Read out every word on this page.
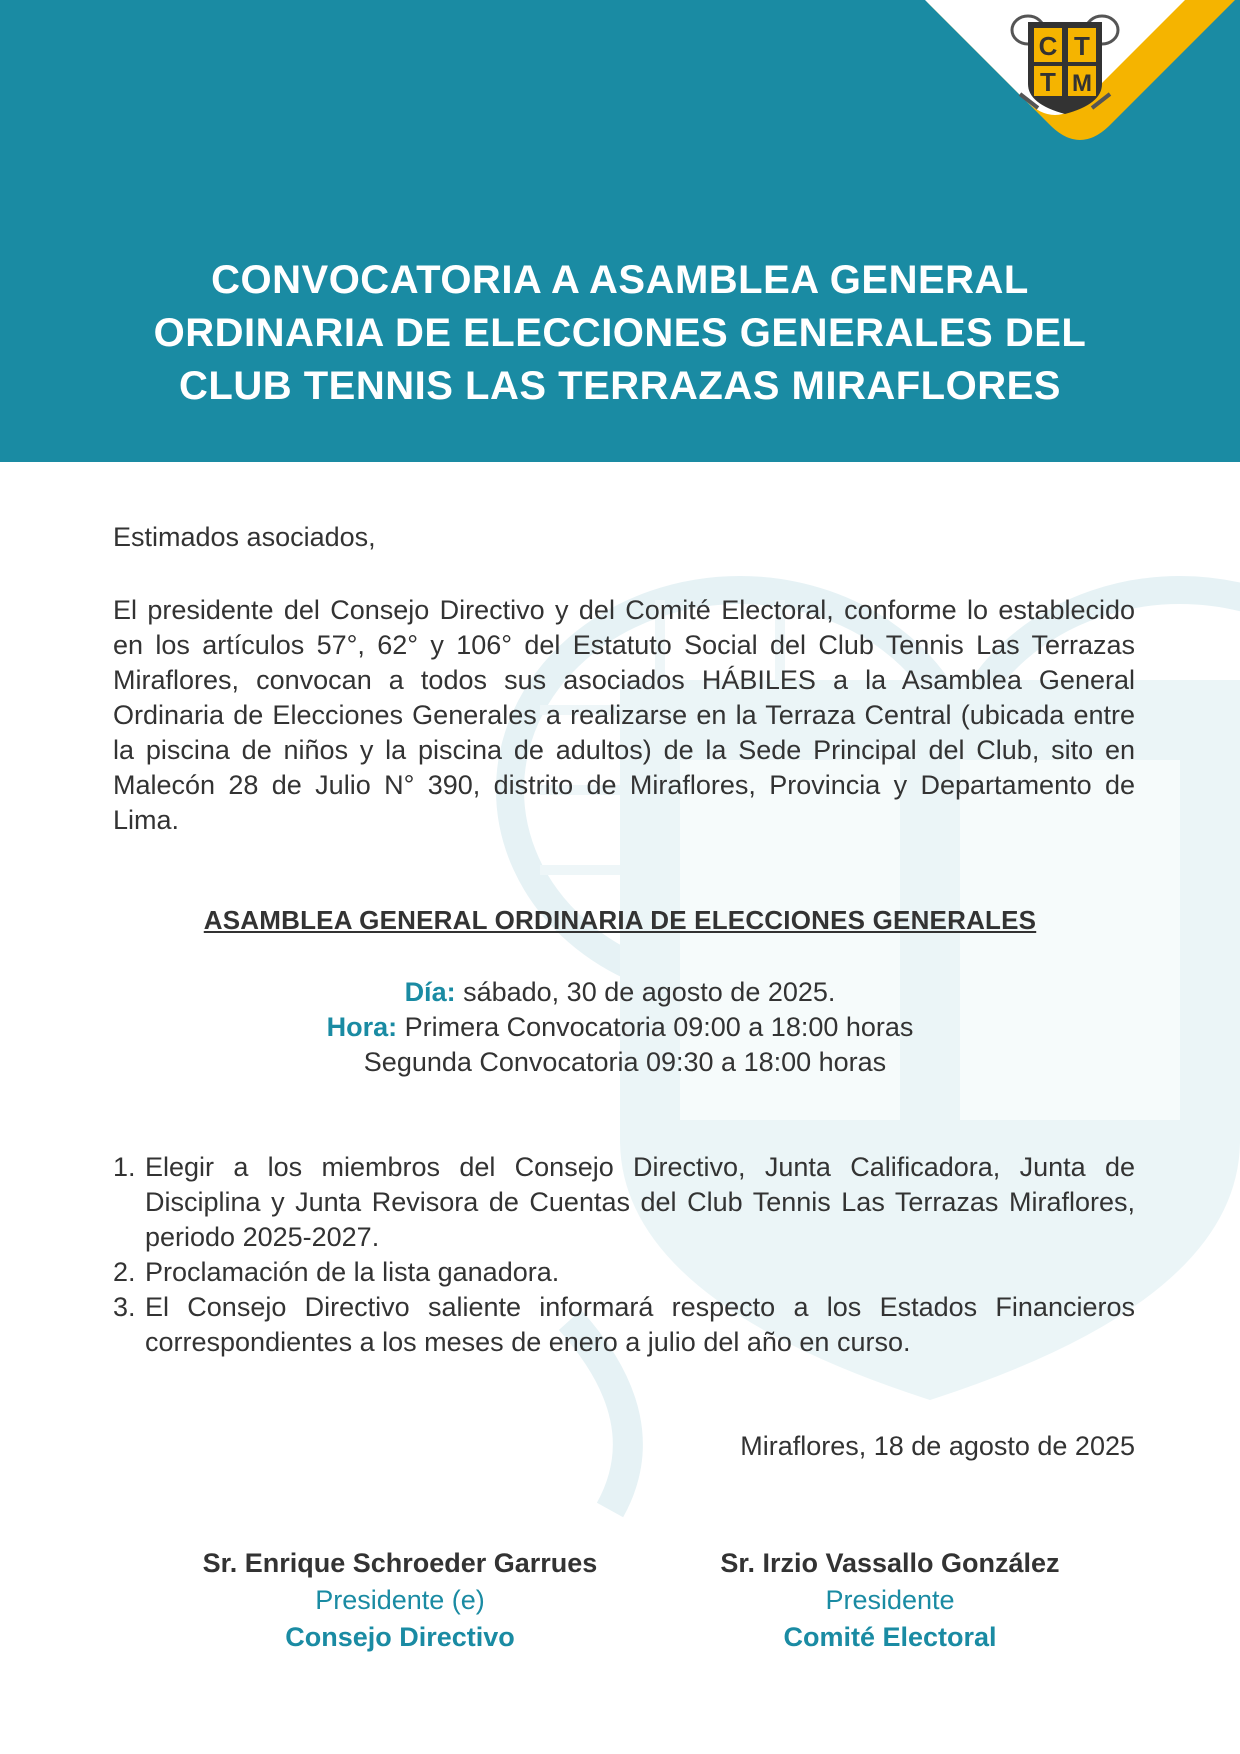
C T
T M
CONVOCATORIA A ASAMBLEA GENERAL
ORDINARIA DE ELECCIONES GENERALES DEL
CLUB TENNIS LAS TERRAZAS MIRAFLORES
Estimados asociados,
El presidente del Consejo Directivo y del Comité Electoral, conforme lo establecido en los artículos 57°, 62° y 106° del Estatuto Social del Club Tennis Las Terrazas Miraflores, convocan a todos sus asociados HÁBILES a la Asamblea General Ordinaria de Elecciones Generales a realizarse en la Terraza Central (ubicada entre la piscina de niños y la piscina de adultos) de la Sede Principal del Club, sito en Malecón 28 de Julio N° 390, distrito de Miraflores, Provincia y Departamento de Lima.
ASAMBLEA GENERAL ORDINARIA DE ELECCIONES GENERALES
Día: sábado, 30 de agosto de 2025.
Hora: Primera Convocatoria 09:00 a 18:00 horas
Segunda Convocatoria 09:30 a 18:00 horas
1. Elegir a los miembros del Consejo Directivo, Junta Calificadora, Junta de Disciplina y Junta Revisora de Cuentas del Club Tennis Las Terrazas Miraflores, periodo 2025-2027.
2. Proclamación de la lista ganadora.
3. El Consejo Directivo saliente informará respecto a los Estados Financieros correspondientes a los meses de enero a julio del año en curso.
Miraflores, 18 de agosto de 2025
Sr. Enrique Schroeder Garrues
Presidente (e)
Consejo Directivo
Sr. Irzio Vassallo González
Presidente
Comité Electoral
